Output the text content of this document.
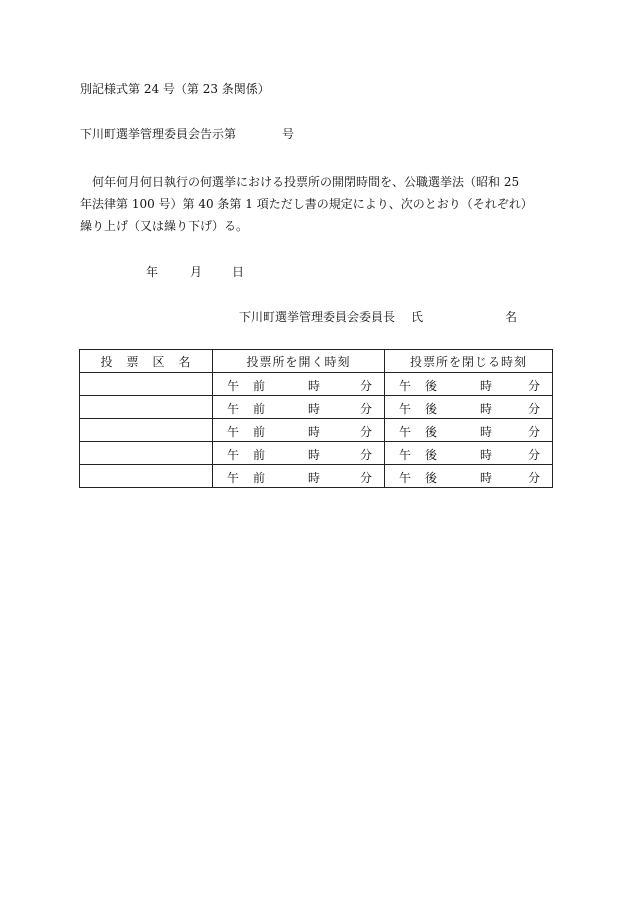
別記様式第 24 号（第 23 条関係）
下川町選挙管理委員会告示第	号
　何年何月何日執行の何選挙における投票所の開閉時間を、公職選挙法（昭和 25
年法律第 100 号）第 40 条第 1 項ただし書の規定により、次のとおり（それぞれ）
繰り上げ（又は繰り下げ）る。
年	月	日
下川町選挙管理委員会委員長 氏	名
投　票　区　名	投票所を開く時刻	投票所を閉じる時刻

	午 前 時 分	午 後 時 分

	午 前 時 分	午 後 時 分

	午 前 時 分	午 後 時 分

	午 前 時 分	午 後 時 分

	午 前 時 分	午 後 時 分
